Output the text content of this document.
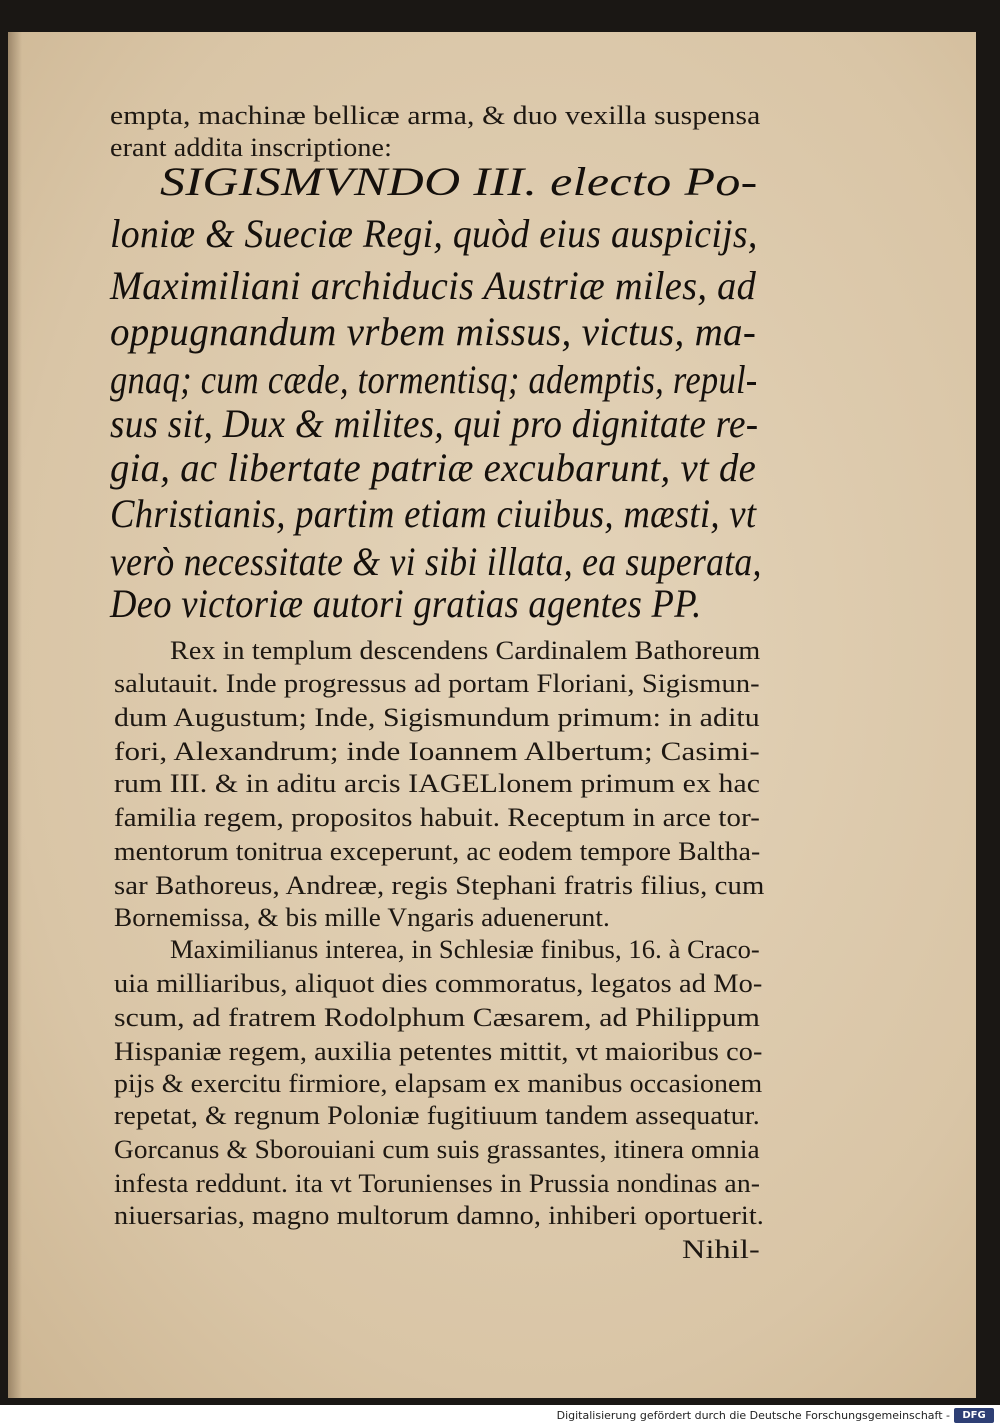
empta, machinæ bellicæ arma, & duo vexilla suspensa
erant addita inscriptione:
SIGISMVNDO III. electo Po-
loniœ & Sueciæ Regi, quòd eius auspicijs,
Maximiliani archiducis Austriæ miles, ad
oppugnandum vrbem missus, victus, ma-
gnaq; cum cæde, tormentisq; ademptis, repul-
sus sit, Dux & milites, qui pro dignitate re-
gia, ac libertate patriæ excubarunt, vt de
Christianis, partim etiam ciuibus, mæsti, vt
verò necessitate & vi sibi illata, ea superata,
Deo victoriæ autori gratias agentes PP.
Rex in templum descendens Cardinalem Bathoreum
salutauit. Inde progressus ad portam Floriani, Sigismun-
dum Augustum; Inde, Sigismundum primum: in aditu
fori, Alexandrum; inde Ioannem Albertum; Casimi-
rum III. & in aditu arcis IAGELlonem primum ex hac
familia regem, propositos habuit. Receptum in arce tor-
mentorum tonitrua exceperunt, ac eodem tempore Baltha-
sar Bathoreus, Andreæ, regis Stephani fratris filius, cum
Bornemissa, & bis mille Vngaris aduenerunt.
Maximilianus interea, in Schlesiæ finibus, 16. à Craco-
uia milliaribus, aliquot dies commoratus, legatos ad Mo-
scum, ad fratrem Rodolphum Cæsarem, ad Philippum
Hispaniæ regem, auxilia petentes mittit, vt maioribus co-
pijs & exercitu firmiore, elapsam ex manibus occasionem
repetat, & regnum Poloniæ fugitiuum tandem assequatur.
Gorcanus & Sborouiani cum suis grassantes, itinera omnia
infesta reddunt. ita vt Torunienses in Prussia nondinas an-
niuersarias, magno multorum damno, inhiberi oportuerit.
Nihil-
Digitalisierung gefördert durch die Deutsche Forschungsgemeinschaft -	DFG
